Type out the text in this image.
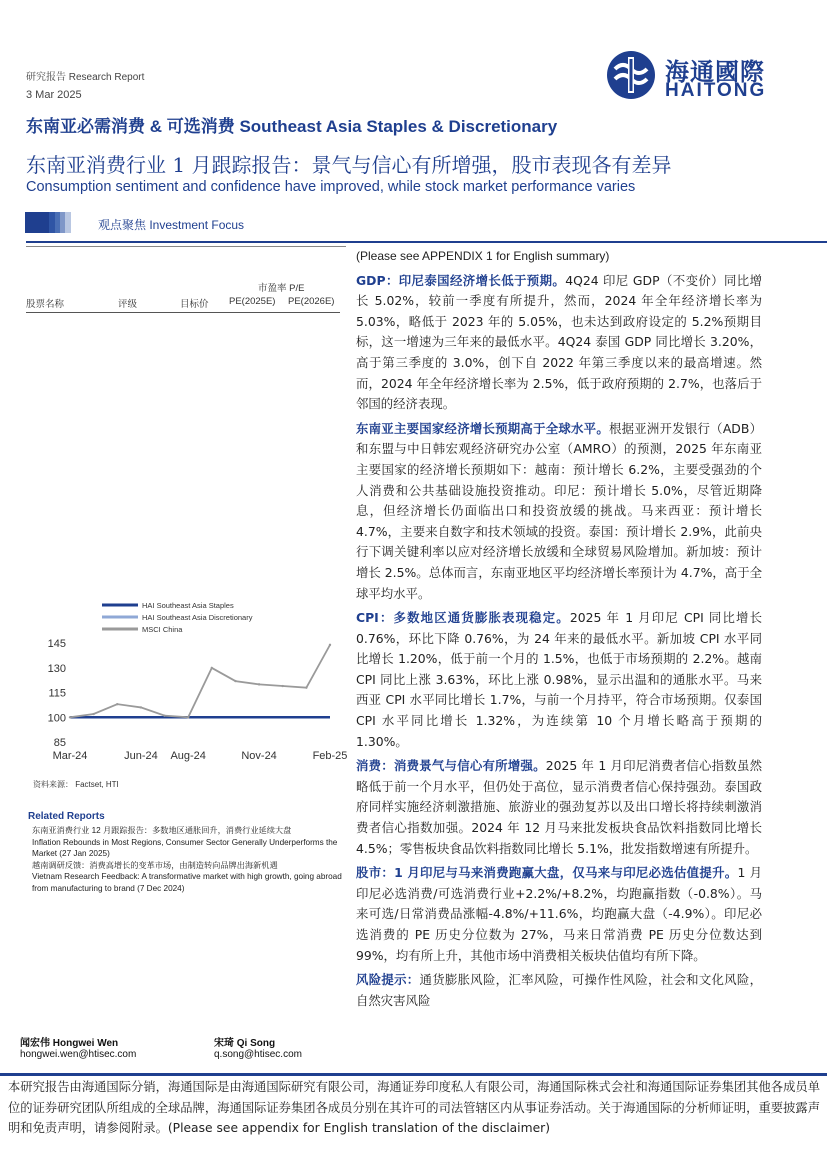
研究报告 Research Report
3 Mar 2025
东南亚必需消费 & 可选消费 Southeast Asia Staples & Discretionary
东南亚消费行业 1 月跟踪报告：景气与信心有所增强，股市表现各有差异
Consumption sentiment and confidence have improved, while stock market performance varies
海通國際
HAITONG
观点聚焦 Investment Focus
市盈率 P/E
股票名称	评级	目标价 PE(2025E) PE(2026E)
HAI Southeast Asia Staples
HAI Southeast Asia Discretionary
MSCI China
85
100
115
130
145
Mar-24	Jun-24 Aug-24	Nov-24	Feb-25
资料来源： Factset, HTI
Related Reports
东南亚消费行业 12 月跟踪报告：多数地区通胀回升，消费行业延续大盘
Inflation Rebounds in Most Regions, Consumer Sector Generally Underperforms the Market (27 Jan 2025)
越南调研反馈：消费高增长的变革市场，由制造转向品牌出海新机遇
Vietnam Research Feedback: A transformative market with high growth, going abroad from manufacturing to brand (7 Dec 2024)

(Please see APPENDIX 1 for English summary)

GDP：印尼泰国经济增长低于预期。4Q24 印尼 GDP（不变价）同比增长 5.02%，较前一季度有所提升，然而，2024 年全年经济增长率为 5.03%，略低于 2023 年的 5.05%，也未达到政府设定的 5.2%预期目标，这一增速为三年来的最低水平。4Q24 泰国 GDP 同比增长 3.20%，高于第三季度的 3.0%，创下自 2022 年第三季度以来的最高增速。然而，2024 年全年经济增长率为 2.5%，低于政府预期的 2.7%，也落后于邻国的经济表现。

东南亚主要国家经济增长预期高于全球水平。根据亚洲开发银行（ADB）和东盟与中日韩宏观经济研究办公室（AMRO）的预测，2025 年东南亚主要国家的经济增长预期如下：越南：预计增长 6.2%，主要受强劲的个人消费和公共基础设施投资推动。印尼：预计增长 5.0%，尽管近期降息，但经济增长仍面临出口和投资放缓的挑战。马来西亚：预计增长 4.7%，主要来自数字和技术领域的投资。泰国：预计增长 2.9%，此前央行下调关键利率以应对经济增长放缓和全球贸易风险增加。新加坡：预计增长 2.5%。总体而言，东南亚地区平均经济增长率预计为 4.7%，高于全球平均水平。

CPI：多数地区通货膨胀表现稳定。2025 年 1 月印尼 CPI 同比增长 0.76%，环比下降 0.76%，为 24 年来的最低水平。新加坡 CPI 水平同比增长 1.20%，低于前一个月的 1.5%，也低于市场预期的 2.2%。越南 CPI 同比上涨 3.63%，环比上涨 0.98%，显示出温和的通胀水平。马来西亚 CPI 水平同比增长 1.7%，与前一个月持平，符合市场预期。仅泰国 CPI 水平同比增长 1.32%，为连续第 10 个月增长略高于预期的 1.30%。

消费：消费景气与信心有所增强。2025 年 1 月印尼消费者信心指数虽然略低于前一个月水平，但仍处于高位，显示消费者信心保持强劲。泰国政府同样实施经济刺激措施、旅游业的强劲复苏以及出口增长将持续刺激消费者信心指数加强。2024 年 12 月马来批发板块食品饮料指数同比增长 4.5%；零售板块食品饮料指数同比增长 5.1%，批发指数增速有所提升。

股市：1 月印尼与马来消费跑赢大盘，仅马来与印尼必选估值提升。1 月印尼必选消费/可选消费行业+2.2%/+8.2%，均跑赢指数（-0.8%）。马来可选/日常消费品涨幅-4.8%/+11.6%，均跑赢大盘（-4.9%）。印尼必选消费的 PE 历史分位数为 27%，马来日常消费 PE 历史分位数达到 99%，均有所上升，其他市场中消费相关板块估值均有所下降。

风险提示：通货膨胀风险，汇率风险，可操作性风险，社会和文化风险，自然灾害风险

闻宏伟 Hongwei Wen
hongwei.wen@htisec.com
宋琦 Qi Song
q.song@htisec.com
本研究报告由海通国际分销，海通国际是由海通国际研究有限公司，海通证券印度私人有限公司，海通国际株式会社和海通国际证券集团其他各成员单位的证券研究团队所组成的全球品牌，海通国际证券集团各成员分别在其许可的司法管辖区内从事证券活动。关于海通国际的分析师证明，重要披露声明和免责声明，请参阅附录。(Please see appendix for English translation of the disclaimer)
